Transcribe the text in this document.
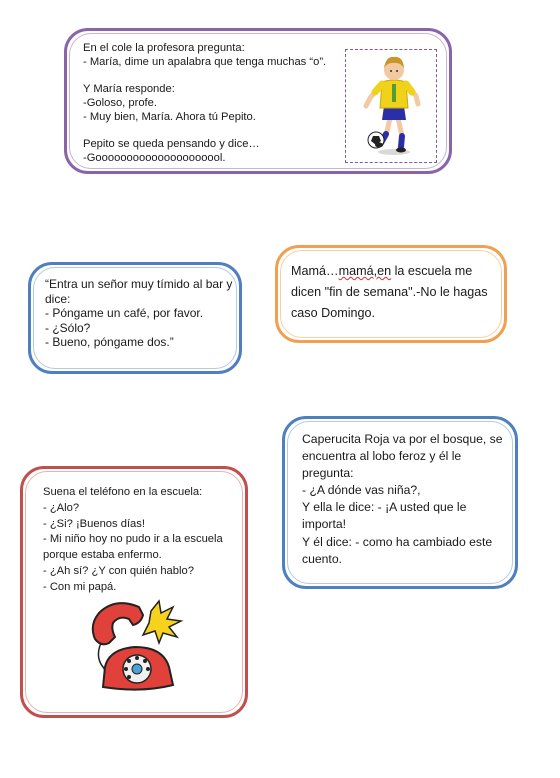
En el cole la profesora pregunta:
- María, dime un apalabra que tenga muchas “o”.

Y María responde:
-Goloso, profe.
- Muy bien, María. Ahora tú Pepito.

Pepito se queda pensando y dice…
-Gooooooooooooooooooool.
“Entra un señor muy tímido al bar y dice:
- Póngame un café, por favor.
- ¿Sólo?
- Bueno, póngame dos.”
Mamá…mamá,en la escuela me dicen "fin de semana".-No le hagas caso Domingo.
Caperucita Roja va por el bosque, se encuentra al lobo feroz y él le pregunta:
- ¿A dónde vas niña?,
Y ella le dice: - ¡A usted que le importa!
Y él dice: - como ha cambiado este cuento.
Suena el teléfono en la escuela:
- ¿Alo?
- ¿Si? ¡Buenos días!
- Mi niño hoy no pudo ir a la escuela porque estaba enfermo.
- ¿Ah sí? ¿Y con quién hablo?
- Con mi papá.
